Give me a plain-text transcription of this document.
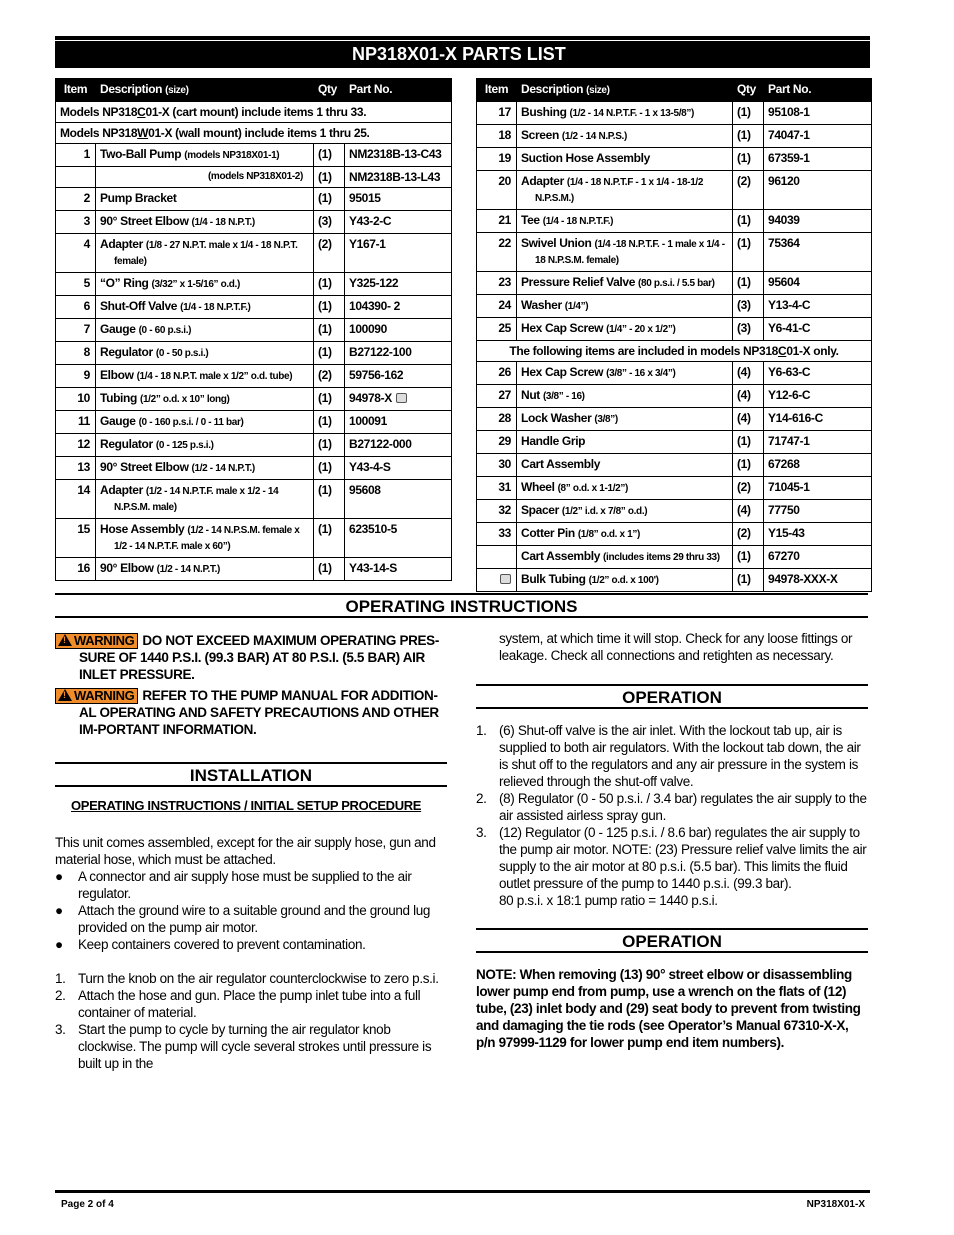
NP318X01-X PARTS LIST
Item	Description (size)	Qty	Part No.
Models NP318C01-X (cart mount) include items 1 thru 33.			
Models NP318W01-X (wall mount) include items 1 thru 25.			
1	Two-Ball Pump (models NP318X01-1)	(1)	NM2318B-13-C43

	(models NP318X01-2)	(1)	NM2318B-13-L43
2	Pump Bracket	(1)	95015
3	90° Street Elbow (1/4 - 18 N.P.T.)	(3)	Y43-2-C
4	Adapter (1/8 - 27 N.P.T. male x 1/4 - 18 N.P.T. female)	(2)	Y167-1
5	“O” Ring (3/32” x 1-5/16” o.d.)	(1)	Y325-122
6	Shut-Off Valve (1/4 - 18 N.P.T.F.)	(1)	104390- 2
7	Gauge (0 - 60 p.s.i.)	(1)	100090
8	Regulator (0 - 50 p.s.i.)	(1)	B27122-100
9	Elbow (1/4 - 18 N.P.T. male x 1/2” o.d. tube)	(2)	59756-162
10	Tubing (1/2” o.d. x 10” long)	(1)	94978-X
11	Gauge (0 - 160 p.s.i. / 0 - 11 bar)	(1)	100091
12	Regulator (0 - 125 p.s.i.)	(1)	B27122-000
13	90° Street Elbow (1/2 - 14 N.P.T.)	(1)	Y43-4-S
14	Adapter (1/2 - 14 N.P.T.F. male x 1/2 - 14 N.P.S.M. male)	(1)	95608
15	Hose Assembly (1/2 - 14 N.P.S.M. female x 1/2 - 14 N.P.T.F. male x 60”)	(1)	623510-5
16	90° Elbow (1/2 - 14 N.P.T.)	(1)	Y43-14-S
Item	Description (size)	Qty	Part No.
17	Bushing (1/2 - 14 N.P.T.F. - 1 x 13-5/8”)	(1)	95108-1
18	Screen (1/2 - 14 N.P.S.)	(1)	74047-1
19	Suction Hose Assembly	(1)	67359-1
20	Adapter (1/4 - 18 N.P.T.F - 1 x 1/4 - 18-1/2 N.P.S.M.)	(2)	96120
21	Tee (1/4 - 18 N.P.T.F.)	(1)	94039
22	Swivel Union (1/4 -18 N.P.T.F. - 1 male x 1/4 - 18 N.P.S.M. female)	(1)	75364
23	Pressure Relief Valve (80 p.s.i. / 5.5 bar)	(1)	95604
24	Washer (1/4”)	(3)	Y13-4-C
25	Hex Cap Screw (1/4” - 20 x 1/2”)	(3)	Y6-41-C
The following items are included in models NP318C01-X only.			
26	Hex Cap Screw (3/8” - 16 x 3/4”)	(4)	Y6-63-C
27	Nut (3/8” - 16)	(4)	Y12-6-C
28	Lock Washer (3/8”)	(4)	Y14-616-C
29	Handle Grip	(1)	71747-1
30	Cart Assembly	(1)	67268
31	Wheel (8” o.d. x 1-1/2”)	(2)	71045-1
32	Spacer (1/2” i.d. x 7/8” o.d.)	(4)	77750
33	Cotter Pin (1/8” o.d. x 1”)	(2)	Y15-43
	Cart Assembly (includes items 29 thru 33)	(1)	67270
	Bulk Tubing (1/2” o.d. x 100')	(1)	94978-XXX-X
OPERATING INSTRUCTIONS
!WARNING DO NOT EXCEED MAXIMUM OPERATING PRES-SURE OF 1440 P.S.I. (99.3 BAR) AT 80 P.S.I. (5.5 BAR) AIR INLET PRESSURE.
!WARNING REFER TO THE PUMP MANUAL FOR ADDITION-AL OPERATING AND SAFETY PRECAUTIONS AND OTHER IM-PORTANT INFORMATION.
INSTALLATION
OPERATING INSTRUCTIONS / INITIAL SETUP PROCEDURE
This unit comes assembled, except for the air supply hose, gun and material hose, which must be attached.
● A connector and air supply hose must be supplied to the air regulator.
● Attach the ground wire to a suitable ground and the ground lug provided on the pump air motor.
● Keep containers covered to prevent contamination.
1. Turn the knob on the air regulator counterclockwise to zero p.s.i.
2. Attach the hose and gun. Place the pump inlet tube into a full container of material.
3. Start the pump to cycle by turning the air regulator knob clockwise. The pump will cycle several strokes until pressure is built up in the
system, at which time it will stop. Check for any loose fittings or leakage. Check all connections and retighten as necessary.
OPERATION
1. (6) Shut-off valve is the air inlet. With the lockout tab up, air is supplied to both air regulators. With the lockout tab down, the air is shut off to the regulators and any air pressure in the system is relieved through the shut-off valve.
2. (8) Regulator (0 - 50 p.s.i. / 3.4 bar) regulates the air supply to the air assisted airless spray gun.
3. (12) Regulator (0 - 125 p.s.i. / 8.6 bar) regulates the air supply to the pump air motor. NOTE: (23) Pressure relief valve limits the air supply to the air motor at 80 p.s.i. (5.5 bar). This limits the fluid outlet pressure of the pump to 1440 p.s.i. (99.3 bar).
80 p.s.i. x 18:1 pump ratio = 1440 p.s.i.
OPERATION
NOTE: When removing (13) 90° street elbow or disassembling lower pump end from pump, use a wrench on the flats of (12) tube, (23) inlet body and (29) seat body to prevent from twisting and damaging the tie rods (see Operator’s Manual 67310-X-X, p/n 97999-1129 for lower pump end item numbers).
Page 2 of 4	NP318X01-X
